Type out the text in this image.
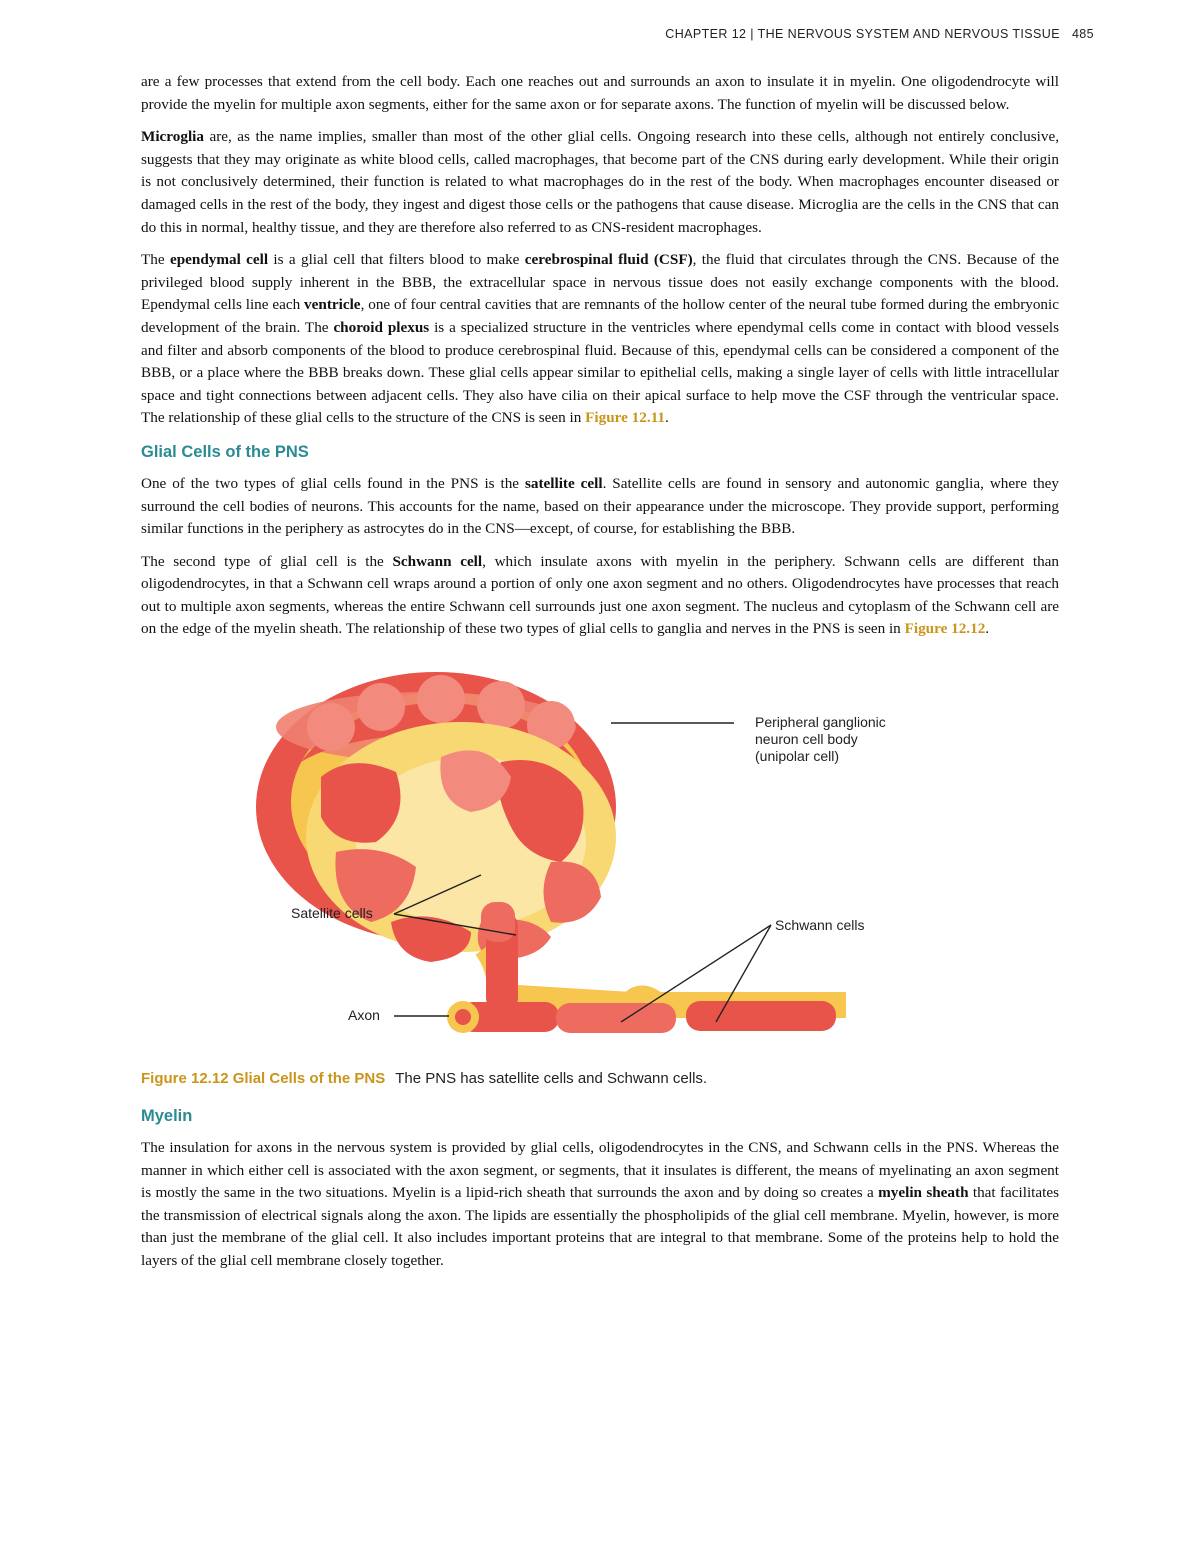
CHAPTER 12 | THE NERVOUS SYSTEM AND NERVOUS TISSUE 485

are a few processes that extend from the cell body. Each one reaches out and surrounds an axon to insulate it in myelin. One oligodendrocyte will provide the myelin for multiple axon segments, either for the same axon or for separate axons. The function of myelin will be discussed below.

Microglia are, as the name implies, smaller than most of the other glial cells. Ongoing research into these cells, although not entirely conclusive, suggests that they may originate as white blood cells, called macrophages, that become part of the CNS during early development. While their origin is not conclusively determined, their function is related to what macrophages do in the rest of the body. When macrophages encounter diseased or damaged cells in the rest of the body, they ingest and digest those cells or the pathogens that cause disease. Microglia are the cells in the CNS that can do this in normal, healthy tissue, and they are therefore also referred to as CNS-resident macrophages.

The ependymal cell is a glial cell that filters blood to make cerebrospinal fluid (CSF), the fluid that circulates through the CNS. Because of the privileged blood supply inherent in the BBB, the extracellular space in nervous tissue does not easily exchange components with the blood. Ependymal cells line each ventricle, one of four central cavities that are remnants of the hollow center of the neural tube formed during the embryonic development of the brain. The choroid plexus is a specialized structure in the ventricles where ependymal cells come in contact with blood vessels and filter and absorb components of the blood to produce cerebrospinal fluid. Because of this, ependymal cells can be considered a component of the BBB, or a place where the BBB breaks down. These glial cells appear similar to epithelial cells, making a single layer of cells with little intracellular space and tight connections between adjacent cells. They also have cilia on their apical surface to help move the CSF through the ventricular space. The relationship of these glial cells to the structure of the CNS is seen in Figure 12.11.

Glial Cells of the PNS

One of the two types of glial cells found in the PNS is the satellite cell. Satellite cells are found in sensory and autonomic ganglia, where they surround the cell bodies of neurons. This accounts for the name, based on their appearance under the microscope. They provide support, performing similar functions in the periphery as astrocytes do in the CNS—except, of course, for establishing the BBB.

The second type of glial cell is the Schwann cell, which insulate axons with myelin in the periphery. Schwann cells are different than oligodendrocytes, in that a Schwann cell wraps around a portion of only one axon segment and no others. Oligodendrocytes have processes that reach out to multiple axon segments, whereas the entire Schwann cell surrounds just one axon segment. The nucleus and cytoplasm of the Schwann cell are on the edge of the myelin sheath. The relationship of these two types of glial cells to ganglia and nerves in the PNS is seen in Figure 12.12.

Peripheral ganglionic
neuron cell body
(unipolar cell)
Satellite cells
Schwann cells
Axon
Figure 12.12 Glial Cells of the PNS The PNS has satellite cells and Schwann cells.
Myelin

The insulation for axons in the nervous system is provided by glial cells, oligodendrocytes in the CNS, and Schwann cells in the PNS. Whereas the manner in which either cell is associated with the axon segment, or segments, that it insulates is different, the means of myelinating an axon segment is mostly the same in the two situations. Myelin is a lipid-rich sheath that surrounds the axon and by doing so creates a myelin sheath that facilitates the transmission of electrical signals along the axon. The lipids are essentially the phospholipids of the glial cell membrane. Myelin, however, is more than just the membrane of the glial cell. It also includes important proteins that are integral to that membrane. Some of the proteins help to hold the layers of the glial cell membrane closely together.
